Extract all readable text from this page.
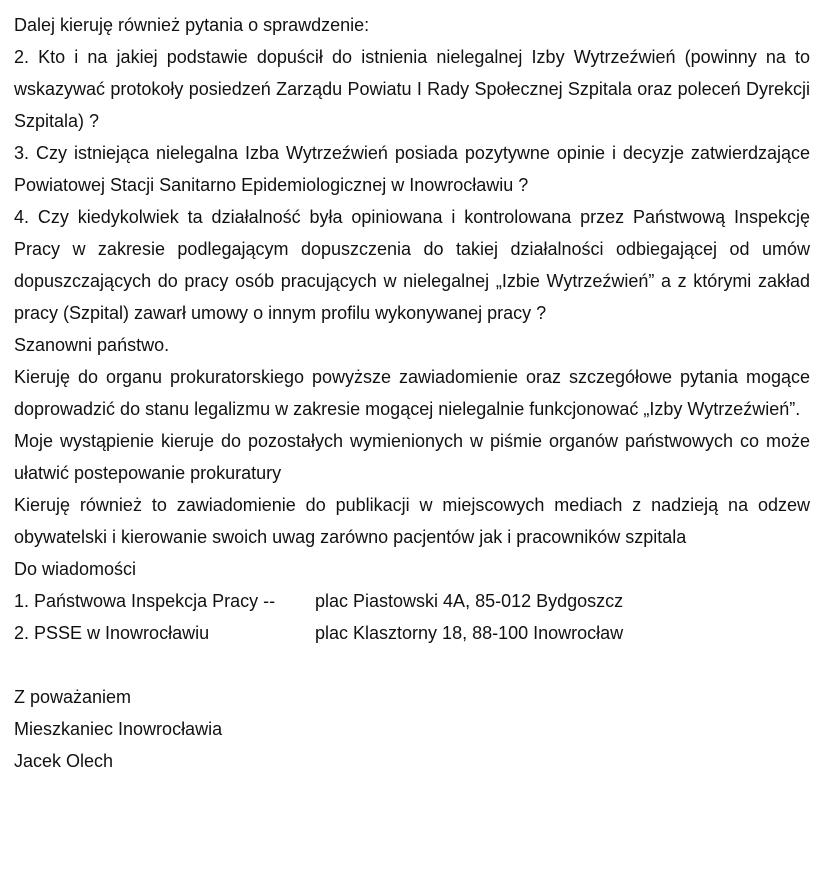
Dalej kieruję również pytania o sprawdzenie:

2. Kto i na jakiej podstawie dopuścił do istnienia nielegalnej Izby Wytrzeźwień (powinny na to wskazywać protokoły posiedzeń Zarządu Powiatu I Rady Społecznej Szpitala oraz poleceń Dyrekcji Szpitala) ?

3. Czy istniejąca nielegalna Izba Wytrzeźwień posiada pozytywne opinie i decyzje zatwierdzające Powiatowej Stacji Sanitarno Epidemiologicznej w Inowrocławiu ?

4. Czy kiedykolwiek ta działalność była opiniowana i kontrolowana przez Państwową Inspekcję Pracy w zakresie podlegającym dopuszczenia do takiej działalności odbiegającej od umów dopuszczających do pracy osób pracujących w nielegalnej „Izbie Wytrzeźwień” a z którymi zakład pracy (Szpital) zawarł umowy o innym profilu wykonywanej pracy ?

Szanowni państwo.

Kieruję do organu prokuratorskiego powyższe zawiadomienie oraz szczegółowe pytania mogące doprowadzić do stanu legalizmu w zakresie mogącej nielegalnie funkcjonować „Izby Wytrzeźwień”.

Moje wystąpienie kieruje do pozostałych wymienionych w piśmie organów państwowych co może ułatwić postepowanie prokuratury

Kieruję również to zawiadomienie do publikacji w miejscowych mediach z nadzieją na odzew obywatelski i kierowanie swoich uwag zarówno pacjentów jak i pracowników szpitala

Do wiadomości

1. Państwowa Inspekcja Pracy --	plac Piastowski 4A, 85-012 Bydgoszcz
2. PSSE w Inowrocławiu	plac Klasztorny 18, 88-100 Inowrocław

Z poważaniem

Mieszkaniec Inowrocławia

Jacek Olech
